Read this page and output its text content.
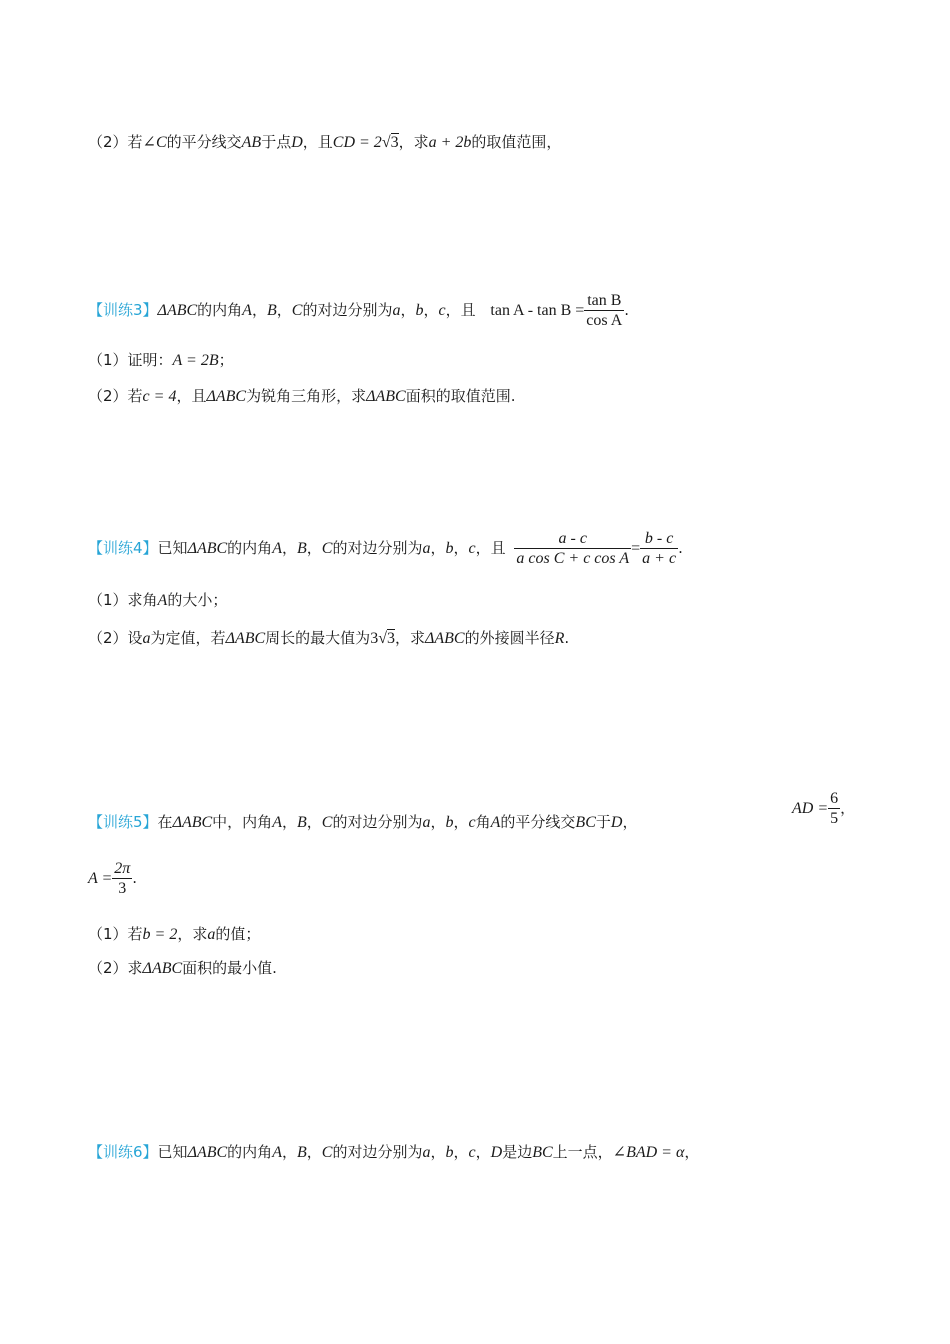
（2）若∠C的平分线交AB于点D，且CD = 2√3，求a + 2b的取值范围，
【训练3】ΔABC的内角A，B，C的对边分别为a，b，c，且 $\tan A - \tan B = \frac{\text{tan B}}{\text{cos A}}$ .
（1）证明：A = 2B；
（2）若c = 4，且ΔABC为锐角三角形，求ΔABC面积的取值范围.
【训练4】已知ΔABC的内角A，B，C的对边分别为a，b，c，且 $\frac{a - c}{\text{a cos C + c cos A}} = \frac{b - c}{a + c}$ .
（1）求角A的大小；
（2）设a为定值，若ΔABC周长的最大值为3√3，求ΔABC的外接圆半径R.
【训练5】在ΔABC中，内角A，B，C的对边分别为a，b，c角A的平分线交BC于D，
AD = $\frac{6}{5}$ ，
$A = \frac{2\pi}{3}$ .
（1）若b = 2，求a的值；
（2）求ΔABC面积的最小值.
【训练6】已知ΔABC的内角A，B，C的对边分别为a，b，c，D是边BC上一点，∠BAD = α，
